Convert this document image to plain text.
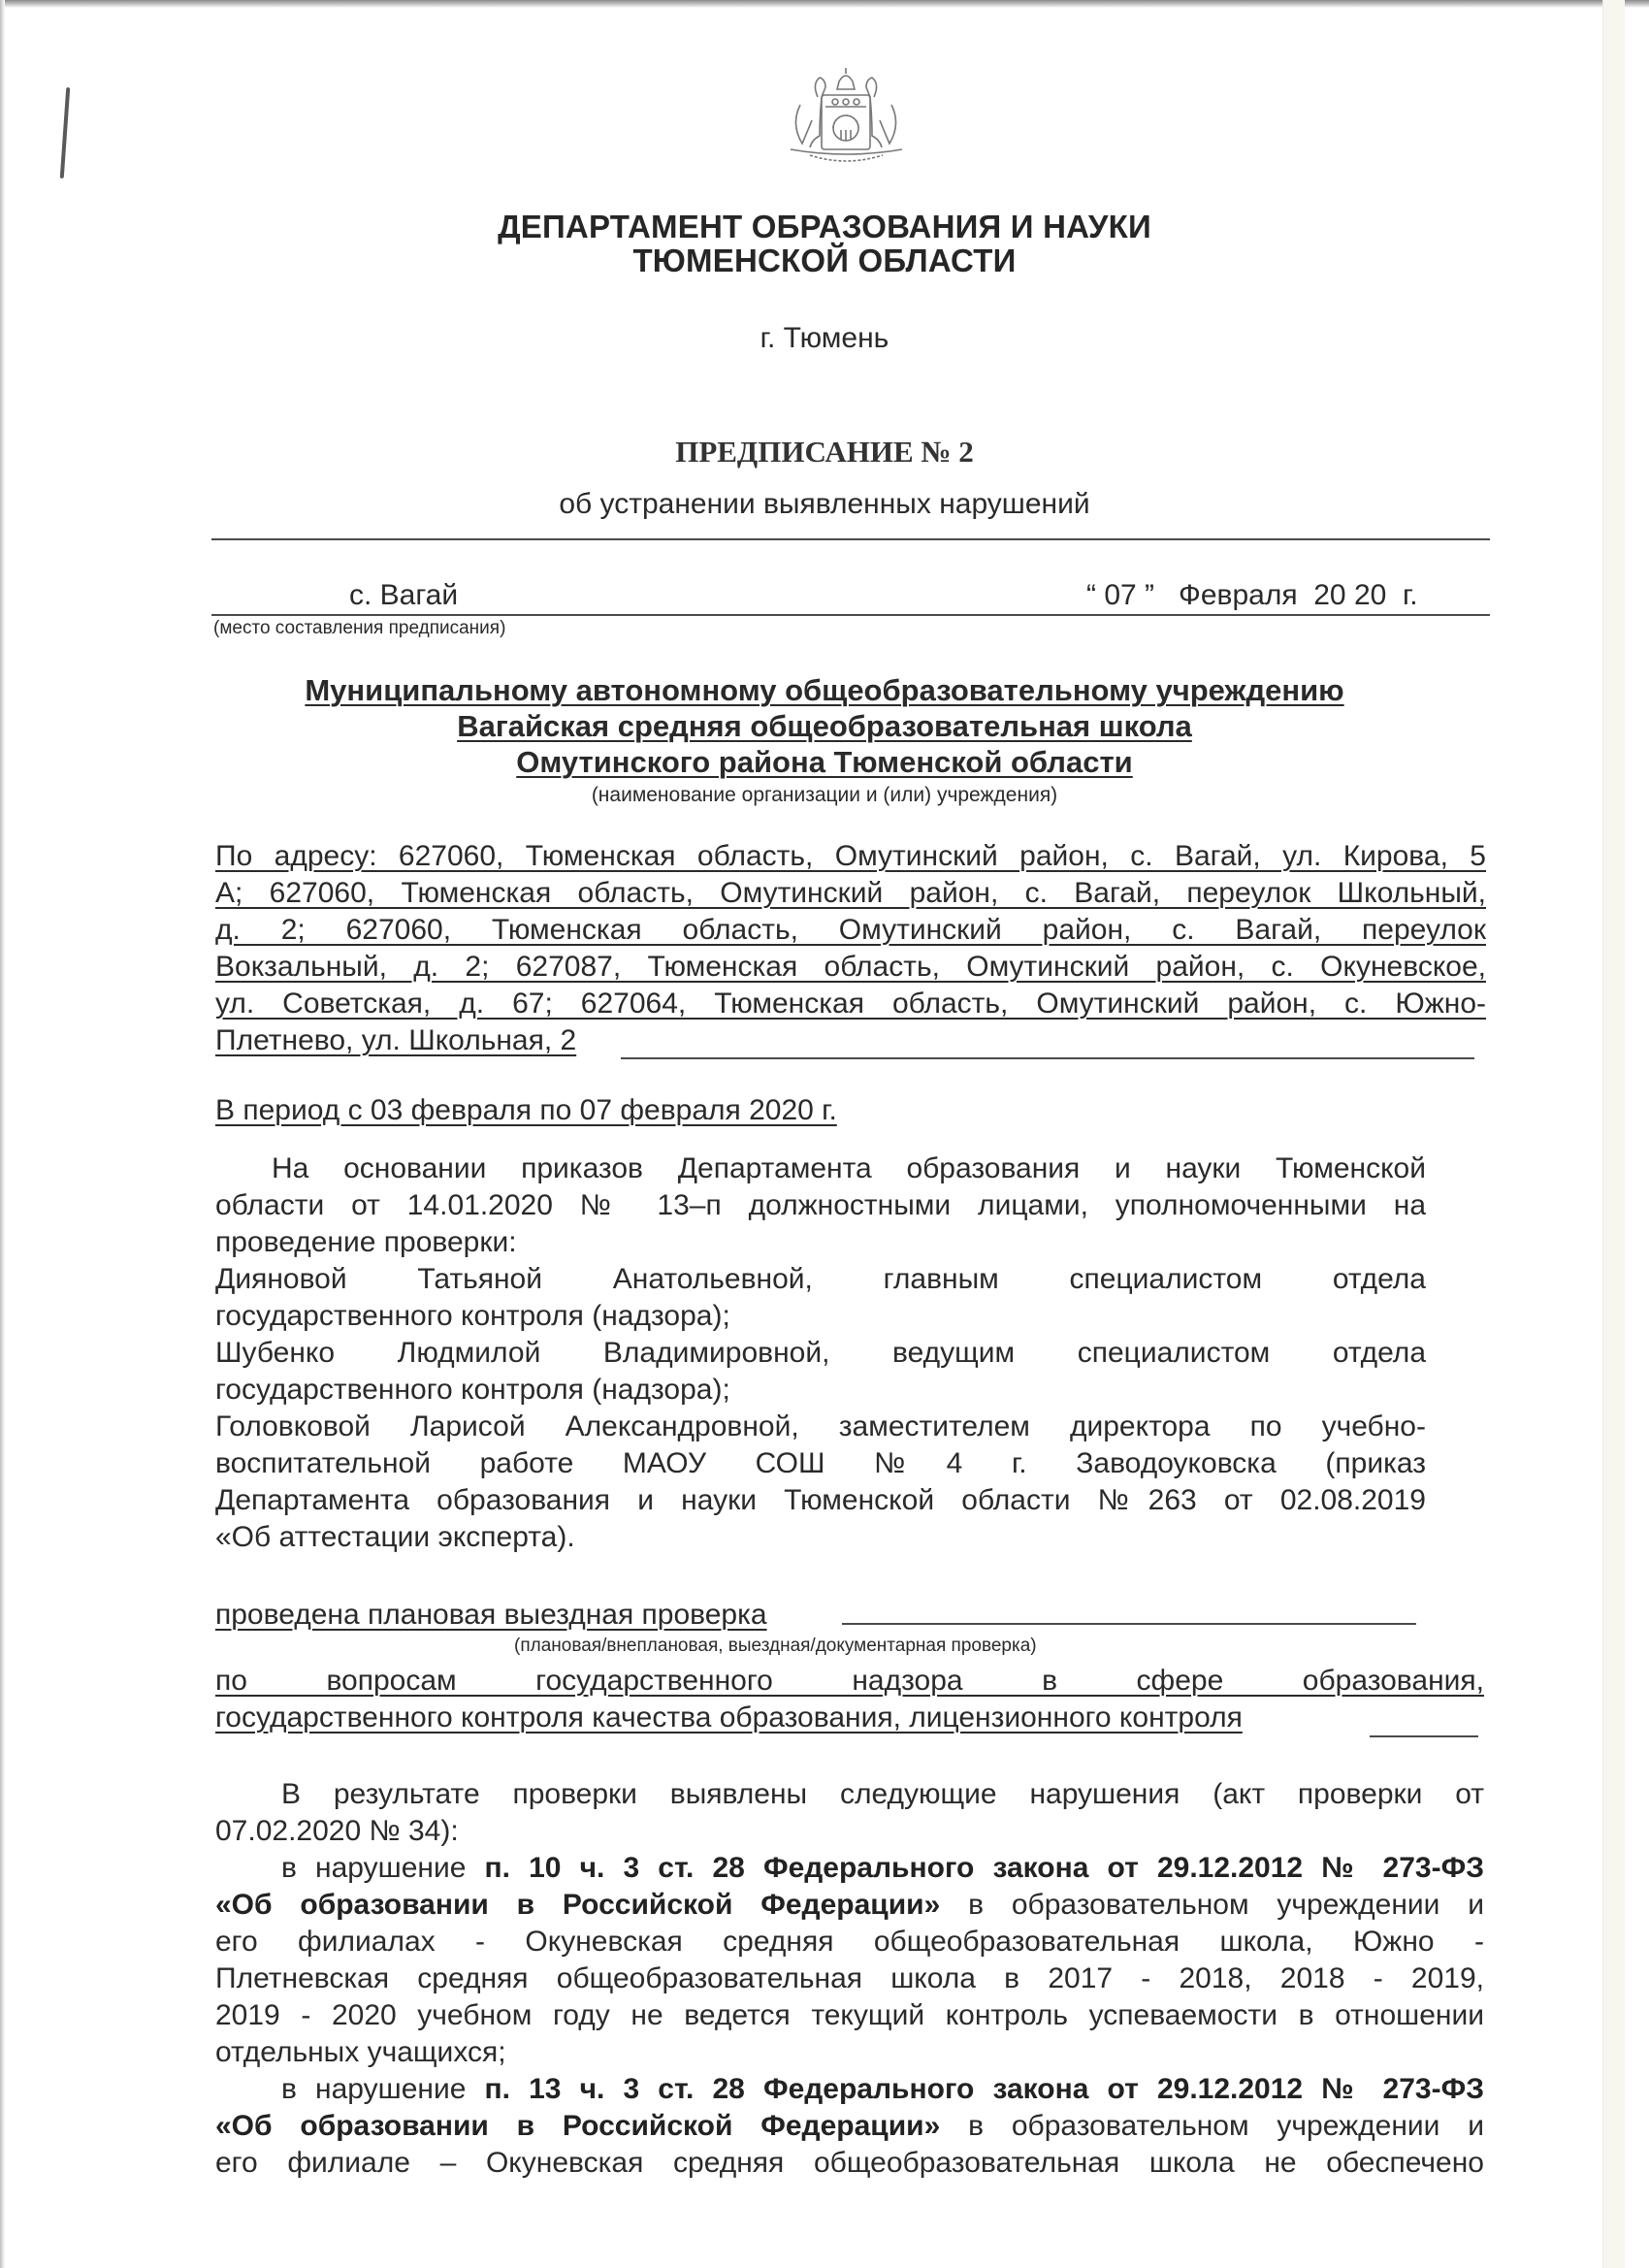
ДЕПАРТАМЕНТ ОБРАЗОВАНИЯ И НАУКИ
ТЮМЕНСКОЙ ОБЛАСТИ
г. Тюмень
ПРЕДПИСАНИЕ № 2
об устранении выявленных нарушений
с. Вагай	“ 07 ”   Февраля  20 20  г.
(место составления предписания)
Муниципальному автономному общеобразовательному учреждению
Вагайская средняя общеобразовательная школа
Омутинского района Тюменской области
(наименование организации и (или) учреждения)
По адресу: 627060, Тюменская область, Омутинский район, с. Вагай, ул. Кирова, 5
А; 627060, Тюменская область, Омутинский район, с. Вагай, переулок Школьный,
д. 2; 627060, Тюменская область, Омутинский район, с. Вагай, переулок
Вокзальный, д. 2; 627087, Тюменская область, Омутинский район, с. Окуневское,
ул. Советская, д. 67; 627064, Тюменская область, Омутинский район, с. Южно-
Плетнево, ул. Школьная, 2
В период с 03 февраля по 07 февраля 2020 г.
На основании приказов Департамента образования и науки Тюменской
области от 14.01.2020 № 13–п должностными лицами, уполномоченными на
проведение проверки:
Дияновой Татьяной Анатольевной, главным специалистом отдела
государственного контроля (надзора);
Шубенко Людмилой Владимировной, ведущим специалистом отдела
государственного контроля (надзора);
Головковой Ларисой Александровной, заместителем директора по учебно-
воспитательной работе МАОУ СОШ №4 г. Заводоуковска (приказ
Департамента образования и науки Тюменской области №263 от 02.08.2019
«Об аттестации эксперта).
проведена плановая выездная проверка
(плановая/внеплановая, выездная/документарная проверка)
по вопросам государственного надзора в сфере образования,
государственного контроля качества образования, лицензионного контроля
В результате проверки выявлены следующие нарушения (акт проверки от
07.02.2020 № 34):
в нарушение п. 10 ч. 3 ст. 28 Федерального закона от 29.12.2012 № 273-ФЗ
«Об образовании в Российской Федерации» в образовательном учреждении и
его филиалах - Окуневская средняя общеобразовательная школа, Южно -
Плетневская средняя общеобразовательная школа в 2017 - 2018, 2018 - 2019,
2019 - 2020 учебном году не ведется текущий контроль успеваемости в отношении
отдельных учащихся;
в нарушение п. 13 ч. 3 ст. 28 Федерального закона от 29.12.2012 № 273-ФЗ
«Об образовании в Российской Федерации» в образовательном учреждении и
его филиале – Окуневская средняя общеобразовательная школа не обеспечено
